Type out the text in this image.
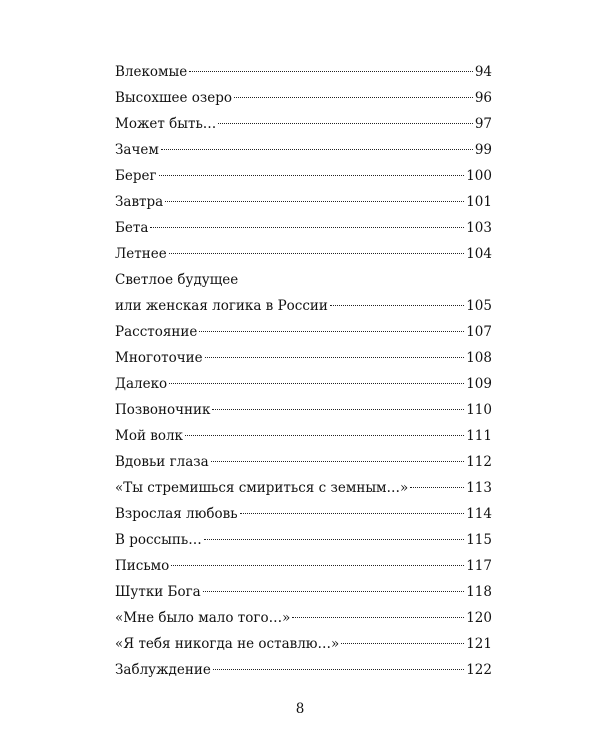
Влекомые	94
Высохшее озеро	96
Может быть…	97
Зачем	99
Берег	100
Завтра	101
Бета	103
Летнее	104
Светлое будущее
или женская логика в России	105
Расстояние	107
Многоточие	108
Далеко	109
Позвоночник	110
Мой волк	111
Вдовьи глаза	112
«Ты стремишься смириться с земным…»	113
Взрослая любовь	114
В россыпь…	115
Письмо	117
Шутки Бога	118
«Мне было мало того…»	120
«Я тебя никогда не оставлю…»	121
Заблуждение	122
8
